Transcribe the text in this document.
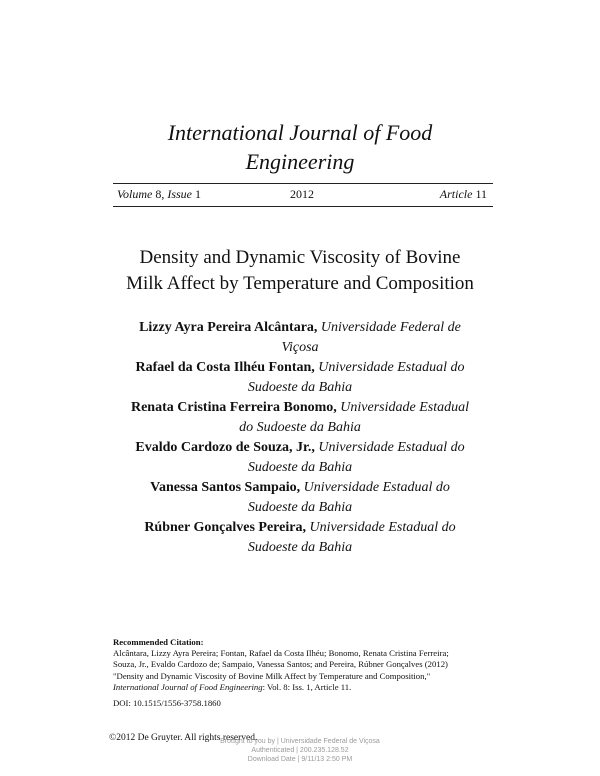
International Journal of Food
Engineering
Volume 8, Issue 1	2012	Article 11
Density and Dynamic Viscosity of Bovine
Milk Affect by Temperature and Composition

Lizzy Ayra Pereira Alcântara, Universidade Federal de
Viçosa

Rafael da Costa Ilhéu Fontan, Universidade Estadual do
Sudoeste da Bahia

Renata Cristina Ferreira Bonomo, Universidade Estadual
do Sudoeste da Bahia

Evaldo Cardozo de Souza, Jr., Universidade Estadual do
Sudoeste da Bahia

Vanessa Santos Sampaio, Universidade Estadual do
Sudoeste da Bahia

Rúbner Gonçalves Pereira, Universidade Estadual do
Sudoeste da Bahia

Recommended Citation:
Alcântara, Lizzy Ayra Pereira; Fontan, Rafael da Costa Ilhéu; Bonomo, Renata Cristina Ferreira;
Souza, Jr., Evaldo Cardozo de; Sampaio, Vanessa Santos; and Pereira, Rúbner Gonçalves (2012)
"Density and Dynamic Viscosity of Bovine Milk Affect by Temperature and Composition,"
International Journal of Food Engineering: Vol. 8: Iss. 1, Article 11.
DOI: 10.1515/1556-3758.1860
©2012 De Gruyter. All rights reserved.
Brought to you by | Universidade Federal de Viçosa
Authenticated | 200.235.128.52
Download Date | 9/11/13 2:50 PM
